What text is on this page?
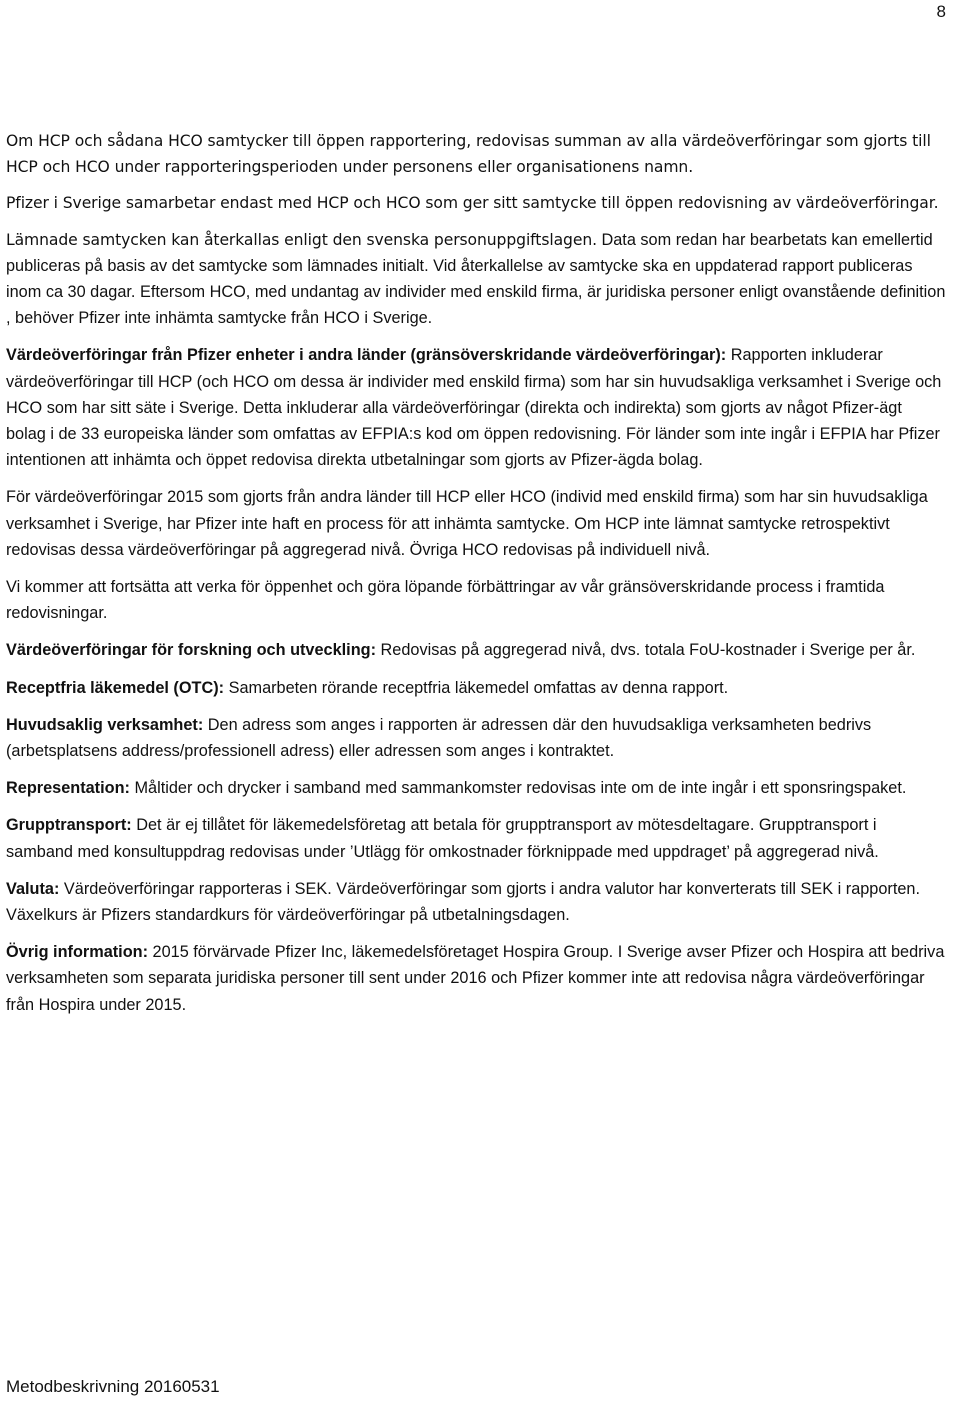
8

Om HCP och sådana HCO samtycker till öppen rapportering, redovisas summan av alla värdeöverföringar som gjorts till HCP och HCO under rapporteringsperioden under personens eller organisationens namn.

Pfizer i Sverige samarbetar endast med HCP och HCO som ger sitt samtycke till öppen redovisning av värdeöverföringar.

Lämnade samtycken kan återkallas enligt den svenska personuppgiftslagen. Data som redan har bearbetats kan emellertid publiceras på basis av det samtycke som lämnades initialt. Vid återkallelse av samtycke ska en uppdaterad rapport publiceras inom ca 30 dagar. Eftersom HCO, med undantag av individer med enskild firma, är juridiska personer enligt ovanstående definition , behöver Pfizer inte inhämta samtycke från HCO i Sverige.

Värdeöverföringar från Pfizer enheter i andra länder (gränsöverskridande värdeöverföringar): Rapporten inkluderar värdeöverföringar till HCP (och HCO om dessa är individer med enskild firma) som har sin huvudsakliga verksamhet i Sverige och HCO som har sitt säte i Sverige. Detta inkluderar alla värdeöverföringar (direkta och indirekta) som gjorts av något Pfizer-ägt bolag i de 33 europeiska länder som omfattas av EFPIA:s kod om öppen redovisning. För länder som inte ingår i EFPIA har Pfizer intentionen att inhämta och öppet redovisa direkta utbetalningar som gjorts av Pfizer-ägda bolag.

För värdeöverföringar 2015 som gjorts från andra länder till HCP eller HCO (individ med enskild firma) som har sin huvudsakliga verksamhet i Sverige, har Pfizer inte haft en process för att inhämta samtycke. Om HCP inte lämnat samtycke retrospektivt redovisas dessa värdeöverföringar på aggregerad nivå. Övriga HCO redovisas på individuell nivå.

Vi kommer att fortsätta att verka för öppenhet och göra löpande förbättringar av vår gränsöverskridande process i framtida redovisningar.

Värdeöverföringar för forskning och utveckling: Redovisas på aggregerad nivå, dvs. totala FoU-kostnader i Sverige per år.

Receptfria läkemedel (OTC): Samarbeten rörande receptfria läkemedel omfattas av denna rapport.

Huvudsaklig verksamhet: Den adress som anges i rapporten är adressen där den huvudsakliga verksamheten bedrivs (arbetsplatsens address/professionell adress) eller adressen som anges i kontraktet.

Representation: Måltider och drycker i samband med sammankomster redovisas inte om de inte ingår i ett sponsringspaket.

Grupptransport: Det är ej tillåtet för läkemedelsföretag att betala för grupptransport av mötesdeltagare. Grupptransport i samband med konsultuppdrag redovisas under ’Utlägg för omkostnader förknippade med uppdraget’ på aggregerad nivå.

Valuta: Värdeöverföringar rapporteras i SEK. Värdeöverföringar som gjorts i andra valutor har konverterats till SEK i rapporten. Växelkurs är Pfizers standardkurs för värdeöverföringar på utbetalningsdagen.

Övrig information: 2015 förvärvade Pfizer Inc, läkemedelsföretaget Hospira Group. I Sverige avser Pfizer och Hospira att bedriva verksamheten som separata juridiska personer till sent under 2016 och Pfizer kommer inte att redovisa några värdeöverföringar från Hospira under 2015.

Metodbeskrivning 20160531
